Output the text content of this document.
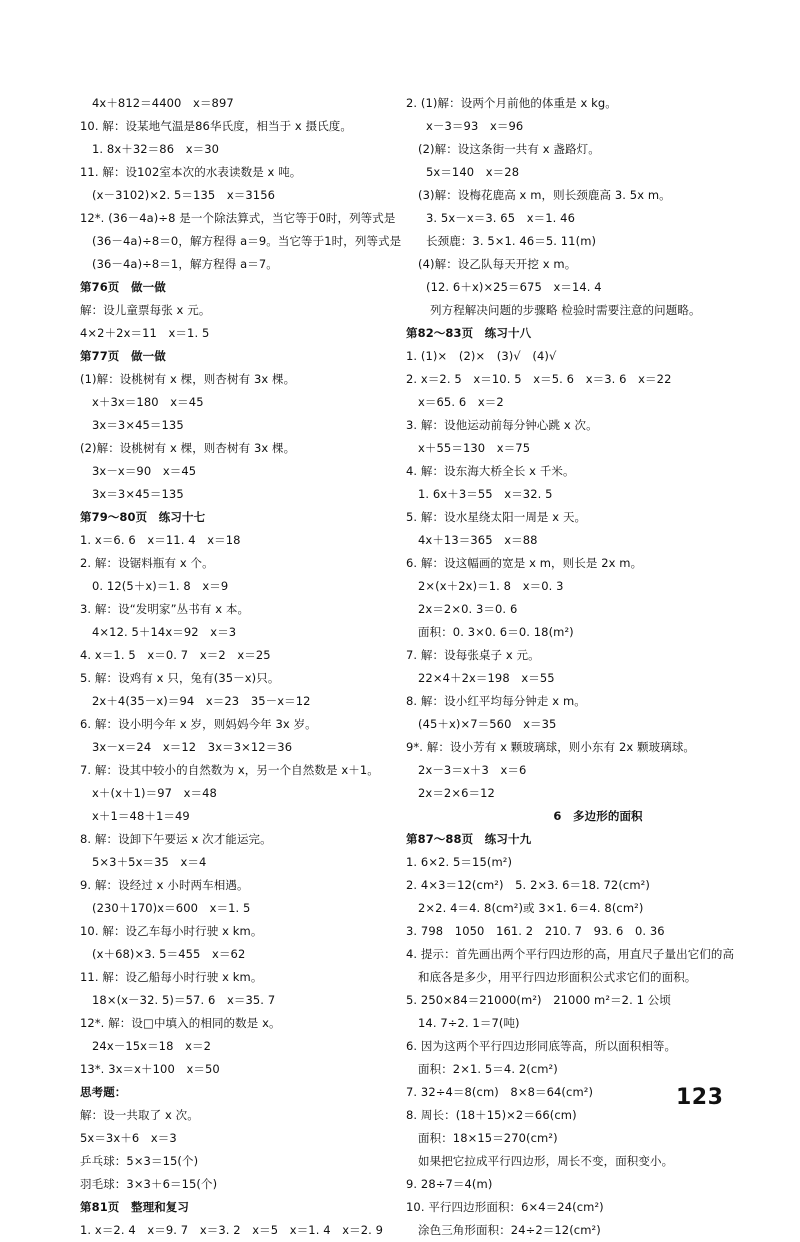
4x＋812＝4400　x＝897
10. 解：设某地气温是86华氏度，相当于 x 摄氏度。
1. 8x＋32＝86　x＝30
11. 解：设102室本次的水表读数是 x 吨。
(x－3102)×2. 5＝135　x＝3156
12*. (36－4a)÷8 是一个除法算式，当它等于0时，列等式是
(36－4a)÷8＝0，解方程得 a＝9。当它等于1时，列等式是
(36－4a)÷8＝1，解方程得 a＝7。
第76页　做一做
解：设儿童票每张 x 元。
4×2＋2x＝11　x＝1. 5
第77页　做一做
(1)解：设桃树有 x 棵，则杏树有 3x 棵。
x＋3x＝180　x＝45
3x＝3×45＝135
(2)解：设桃树有 x 棵，则杏树有 3x 棵。
3x－x＝90　x＝45
3x＝3×45＝135
第79～80页　练习十七
1. x＝6. 6　x＝11. 4　x＝18
2. 解：设锯料瓶有 x 个。
0. 12(5＋x)＝1. 8　x＝9
3. 解：设“发明家”丛书有 x 本。
4×12. 5＋14x＝92　x＝3
4. x＝1. 5　x＝0. 7　x＝2　x＝25
5. 解：设鸡有 x 只，兔有(35－x)只。
2x＋4(35－x)＝94　x＝23　35－x＝12
6. 解：设小明今年 x 岁，则妈妈今年 3x 岁。
3x－x＝24　x＝12　3x＝3×12＝36
7. 解：设其中较小的自然数为 x，另一个自然数是 x＋1。
x＋(x＋1)＝97　x＝48
x＋1＝48＋1＝49
8. 解：设卸下午要运 x 次才能运完。
5×3＋5x＝35　x＝4
9. 解：设经过 x 小时两车相遇。
(230＋170)x＝600　x＝1. 5
10. 解：设乙车每小时行驶 x km。
(x＋68)×3. 5＝455　x＝62
11. 解：设乙船每小时行驶 x km。
18×(x－32. 5)＝57. 6　x＝35. 7
12*. 解：设□中填入的相同的数是 x。
24x－15x＝18　x＝2
13*. 3x＝x＋100　x＝50
思考题：
解：设一共取了 x 次。
5x＝3x＋6　x＝3
乒乓球：5×3＝15(个)
羽毛球：3×3＋6＝15(个)
第81页　整理和复习
1. x＝2. 4　x＝9. 7　x＝3. 2　x＝5　x＝1. 4　x＝2. 9
2. (1)解：设两个月前他的体重是 x kg。
x－3＝93　x＝96
(2)解：设这条街一共有 x 盏路灯。
5x＝140　x＝28
(3)解：设梅花鹿高 x m，则长颈鹿高 3. 5x m。
3. 5x－x＝3. 65　x＝1. 46
长颈鹿：3. 5×1. 46＝5. 11(m)
(4)解：设乙队每天开挖 x m。
(12. 6＋x)×25＝675　x＝14. 4
列方程解决问题的步骤略 检验时需要注意的问题略。
第82～83页　练习十八
1. (1)×　(2)×　(3)√　(4)√
2. x＝2. 5　x＝10. 5　x＝5. 6　x＝3. 6　x＝22
x＝65. 6　x＝2
3. 解：设他运动前每分钟心跳 x 次。
x＋55＝130　x＝75
4. 解：设东海大桥全长 x 千米。
1. 6x＋3＝55　x＝32. 5
5. 解：设水星绕太阳一周是 x 天。
4x＋13＝365　x＝88
6. 解：设这幅画的宽是 x m，则长是 2x m。
2×(x＋2x)＝1. 8　x＝0. 3
2x＝2×0. 3＝0. 6
面积：0. 3×0. 6＝0. 18(m²)
7. 解：设每张桌子 x 元。
22×4＋2x＝198　x＝55
8. 解：设小红平均每分钟走 x m。
(45＋x)×7＝560　x＝35
9*. 解：设小芳有 x 颗玻璃球，则小东有 2x 颗玻璃球。
2x－3＝x＋3　x＝6
2x＝2×6＝12
6　多边形的面积
第87～88页　练习十九
1. 6×2. 5＝15(m²)
2. 4×3＝12(cm²)　5. 2×3. 6＝18. 72(cm²)
2×2. 4＝4. 8(cm²)或 3×1. 6＝4. 8(cm²)
3. 798　1050　161. 2　210. 7　93. 6　0. 36
4. 提示：首先画出两个平行四边形的高，用直尺子量出它们的高
和底各是多少，用平行四边形面积公式求它们的面积。
5. 250×84＝21000(m²)　21000 m²＝2. 1 公顷
14. 7÷2. 1＝7(吨)
6. 因为这两个平行四边形同底等高，所以面积相等。
面积：2×1. 5＝4. 2(cm²)
7. 32÷4＝8(cm)　8×8＝64(cm²)
8. 周长：(18＋15)×2＝66(cm)
面积：18×15＝270(cm²)
如果把它拉成平行四边形，周长不变，面积变小。
9. 28÷7＝4(m)
10. 平行四边形面积：6×4＝24(cm²)
涂色三角形面积：24÷2＝12(cm²)
123
